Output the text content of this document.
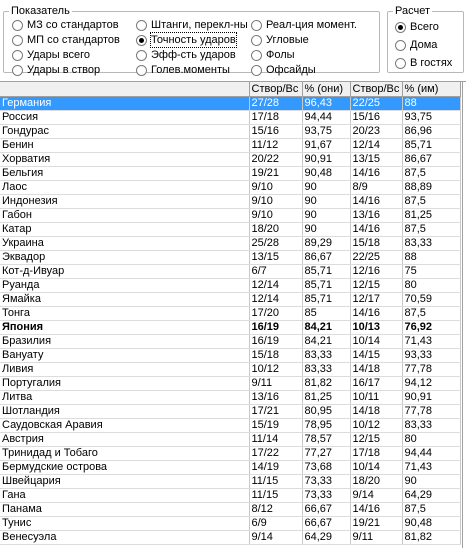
Показатель	Расчет
МЗ со стандартов
МП со стандартов
Удары всего
Удары в створ
Штанги, перекл-ны
Точность ударов
Эфф-сть ударов
Голев.моменты
Реал-ция момент.
Угловые
Фолы
Офсайды
Всего
Дома
В гостях
	Створ/Вс	% (они)	Створ/Вс	% (им)
Германия	27/28	96,43	22/25	88
Россия	17/18	94,44	15/16	93,75
Гондурас	15/16	93,75	20/23	86,96
Бенин	11/12	91,67	12/14	85,71
Хорватия	20/22	90,91	13/15	86,67
Бельгия	19/21	90,48	14/16	87,5
Лаос	9/10	90	8/9	88,89
Индонезия	9/10	90	14/16	87,5
Габон	9/10	90	13/16	81,25
Катар	18/20	90	14/16	87,5
Украина	25/28	89,29	15/18	83,33
Эквадор	13/15	86,67	22/25	88
Кот-д-Ивуар	6/7	85,71	12/16	75
Руанда	12/14	85,71	12/15	80
Ямайка	12/14	85,71	12/17	70,59
Тонга	17/20	85	14/16	87,5
Япония	16/19	84,21	10/13	76,92
Бразилия	16/19	84,21	10/14	71,43
Вануату	15/18	83,33	14/15	93,33
Ливия	10/12	83,33	14/18	77,78
Португалия	9/11	81,82	16/17	94,12
Литва	13/16	81,25	10/11	90,91
Шотландия	17/21	80,95	14/18	77,78
Саудовская Аравия	15/19	78,95	10/12	83,33
Австрия	11/14	78,57	12/15	80
Тринидад и Тобаго	17/22	77,27	17/18	94,44
Бермудские острова	14/19	73,68	10/14	71,43
Швейцария	11/15	73,33	18/20	90
Гана	11/15	73,33	9/14	64,29
Панама	8/12	66,67	14/16	87,5
Тунис	6/9	66,67	19/21	90,48
Венесуэла	9/14	64,29	9/11	81,82
